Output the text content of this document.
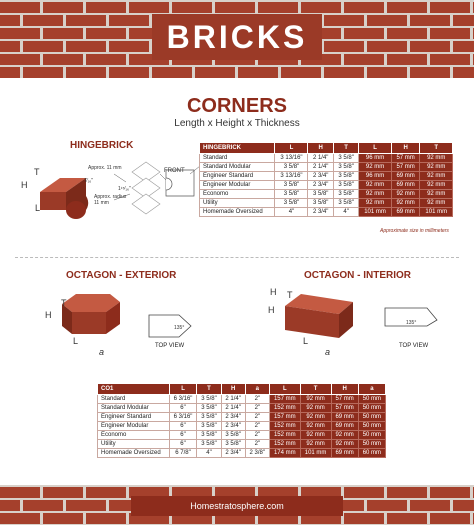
BRICKS
CORNERS
Length x Height x Thickness
HINGEBRICK
H
T
L
Approx. 11 mm
7⁄₁₆"
Approx. radius 11 mm
1¹⁵⁄₁₆"
FRONT
HINGEBRICK	L	H	T	L	H	T
Standard	3 13/16"	2 1/4"	3 5/8"	96 mm	57 mm	92 mm
Standard Modular	3 5/8"	2 1/4"	3 5/8"	92 mm	57 mm	92 mm
Engineer Standard	3 13/16"	2 3/4"	3 5/8"	96 mm	69 mm	92 mm
Engineer Modular	3 5/8"	2 3/4"	3 5/8"	92 mm	69 mm	92 mm
Economo	3 5/8"	3 5/8"	3 5/8"	92 mm	92 mm	92 mm
Utility	3 5/8"	3 5/8"	3 5/8"	92 mm	92 mm	92 mm
Homemade Oversized	4"	2 3/4"	4"	101 mm	69 mm	101 mm
Approximate size in millimeters
OCTAGON - EXTERIOR
T
H
L
a
135°
TOP VIEW
OCTAGON - INTERIOR
T
H
H
L
a
135°
TOP VIEW
CO1	L	T	H	a	L	T	H	a
Standard	6 3/16"	3 5/8"	2 1/4"	2"	157 mm	92 mm	57 mm	50 mm
Standard Modular	6"	3 5/8"	2 1/4"	2"	152 mm	92 mm	57 mm	50 mm
Engineer Standard	6 3/16"	3 5/8"	2 3/4"	2"	157 mm	92 mm	69 mm	50 mm
Engineer Modular	6"	3 5/8"	2 3/4"	2"	152 mm	92 mm	69 mm	50 mm
Economo	6"	3 5/8"	3 5/8"	2"	152 mm	92 mm	92 mm	50 mm
Utility	6"	3 5/8"	3 5/8"	2"	152 mm	92 mm	92 mm	50 mm
Homemade Oversized	6 7/8"	4"	2 3/4"	2 3/8"	174 mm	101 mm	69 mm	60 mm
Homestratosphere.com
